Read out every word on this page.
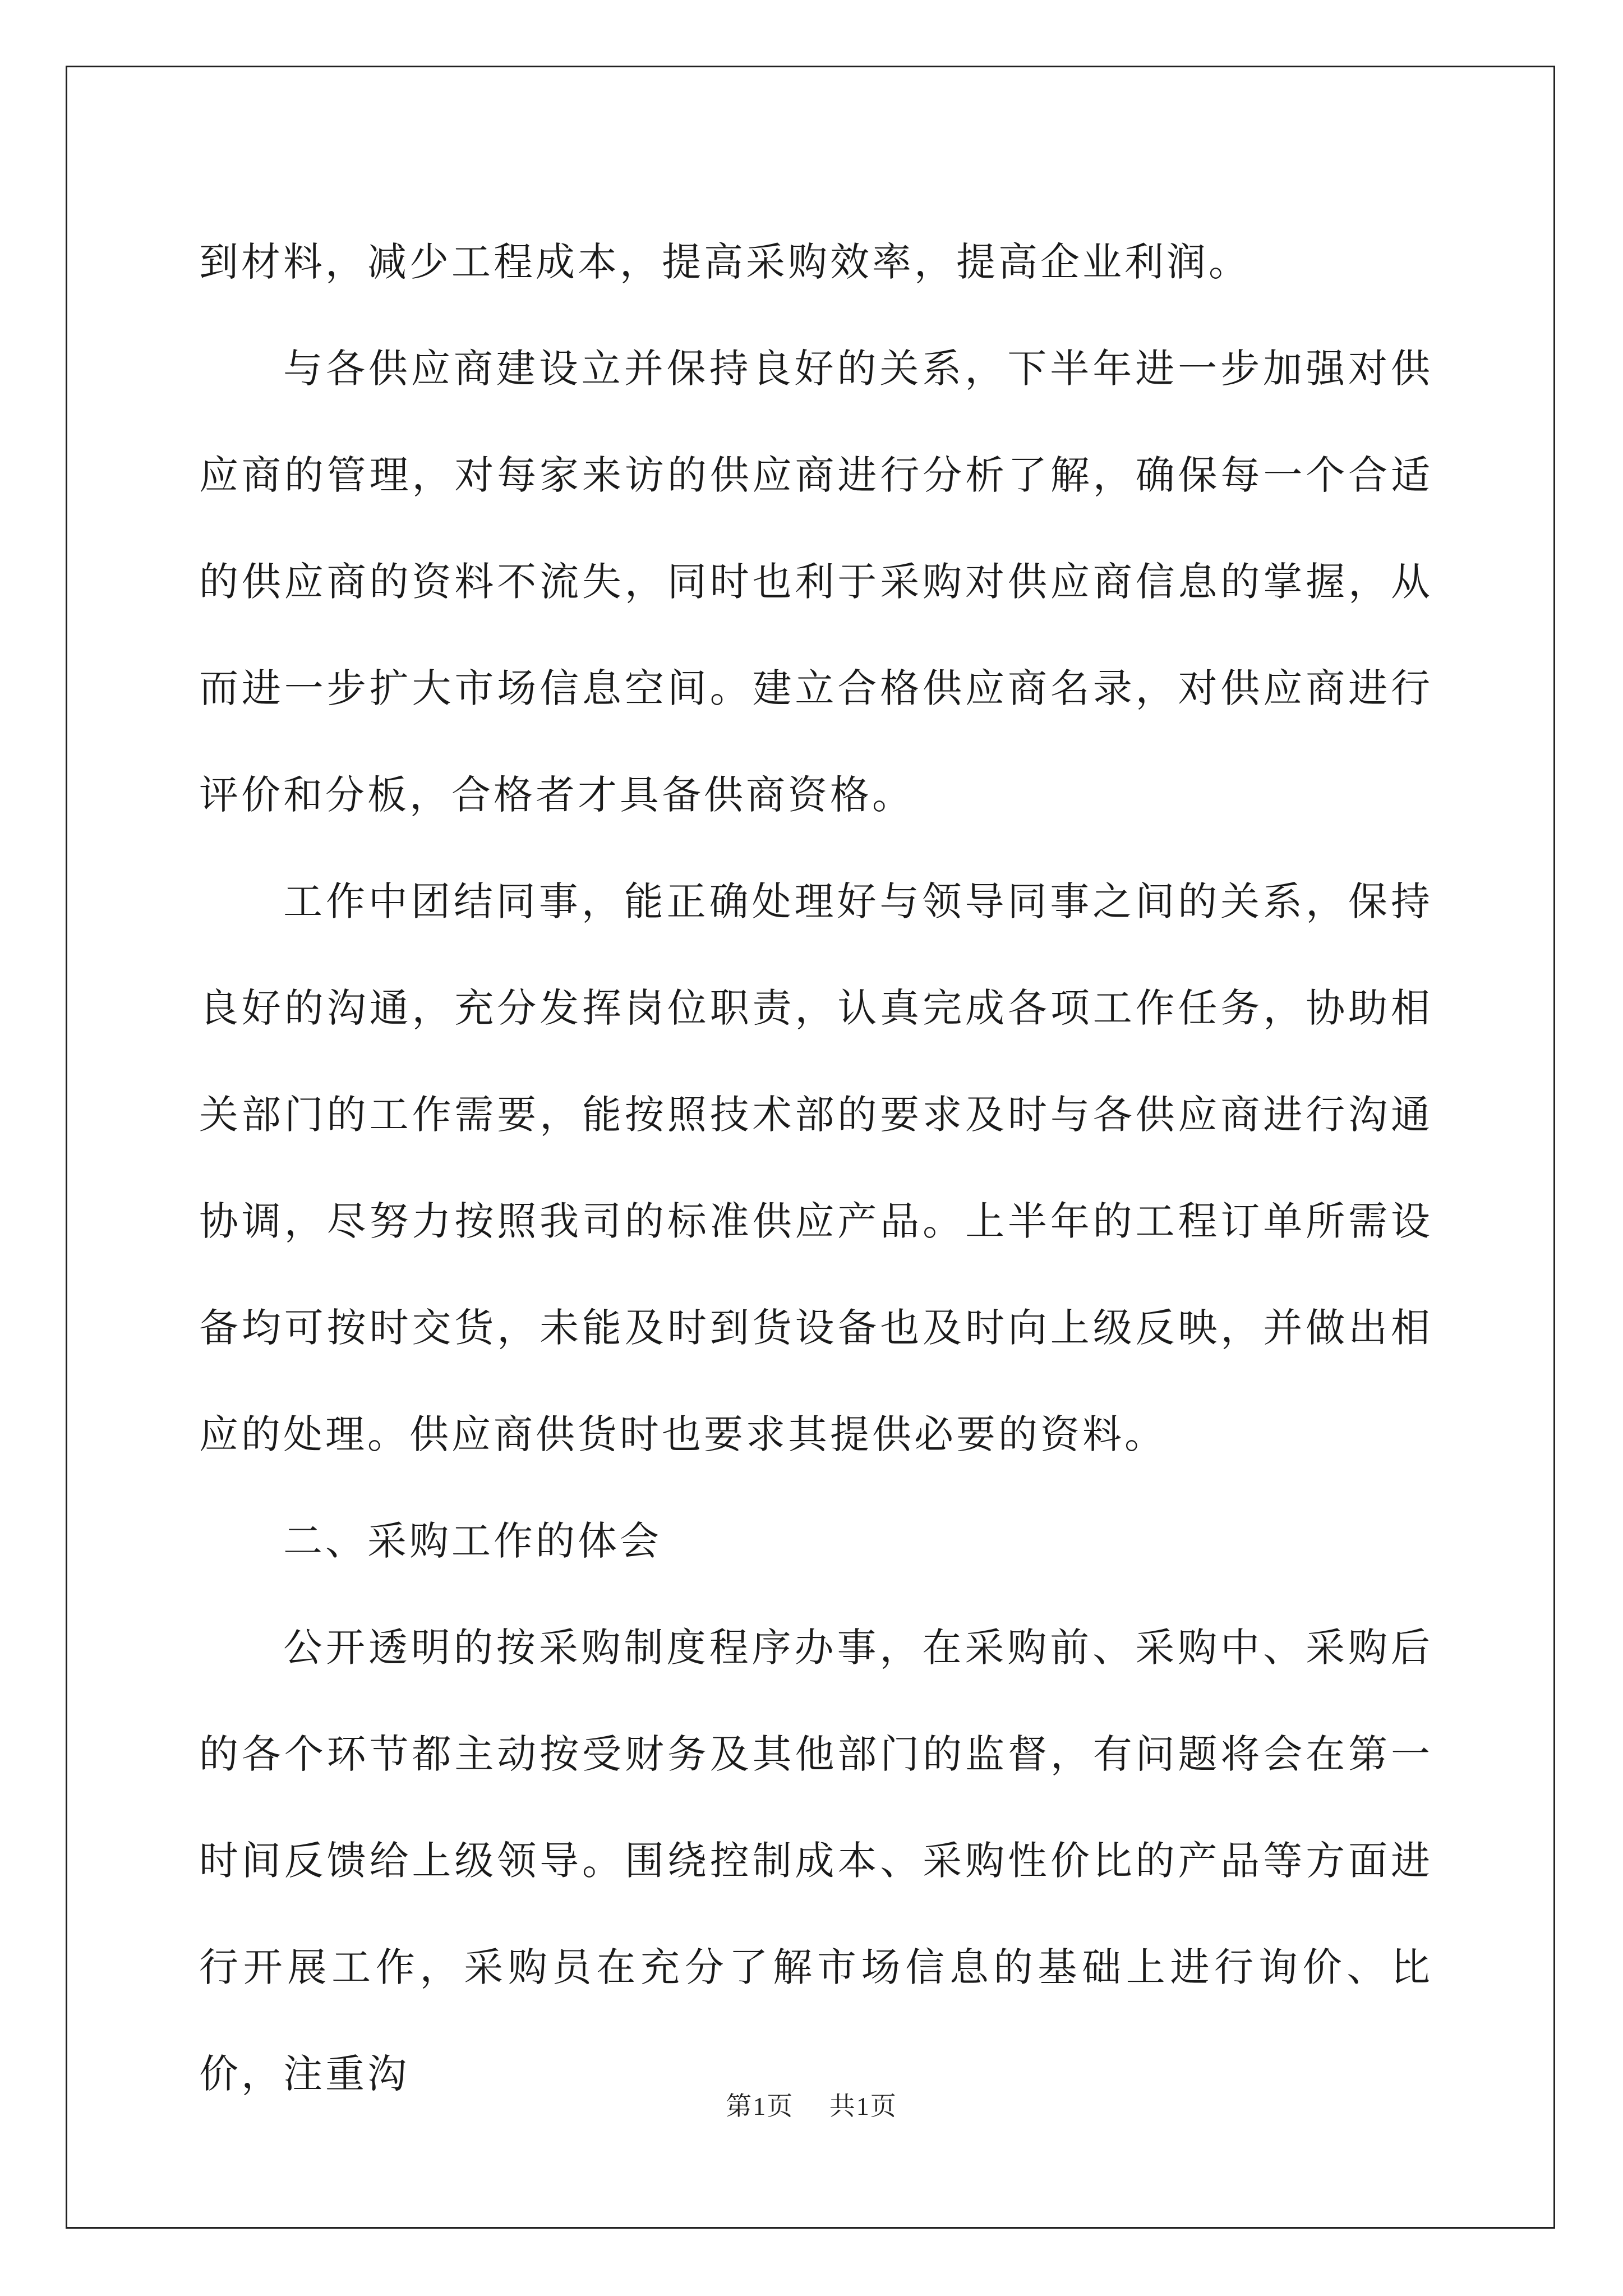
到材料，减少工程成本，提高采购效率，提高企业利润。

与各供应商建设立并保持良好的关系，下半年进一步加强对供应商的管理，对每家来访的供应商进行分析了解，确保每一个合适的供应商的资料不流失，同时也利于采购对供应商信息的掌握，从而进一步扩大市场信息空间。建立合格供应商名录，对供应商进行评价和分板，合格者才具备供商资格。

工作中团结同事，能正确处理好与领导同事之间的关系，保持良好的沟通，充分发挥岗位职责，认真完成各项工作任务，协助相关部门的工作需要，能按照技术部的要求及时与各供应商进行沟通协调，尽努力按照我司的标准供应产品。上半年的工程订单所需设备均可按时交货，未能及时到货设备也及时向上级反映，并做出相应的处理。供应商供货时也要求其提供必要的资料。

二、采购工作的体会

公开透明的按采购制度程序办事，在采购前、采购中、采购后的各个环节都主动按受财务及其他部门的监督，有问题将会在第一时间反馈给上级领导。围绕控制成本、采购性价比的产品等方面进行开展工作，采购员在充分了解市场信息的基础上进行询价、比价，注重沟

第1页 共1页
